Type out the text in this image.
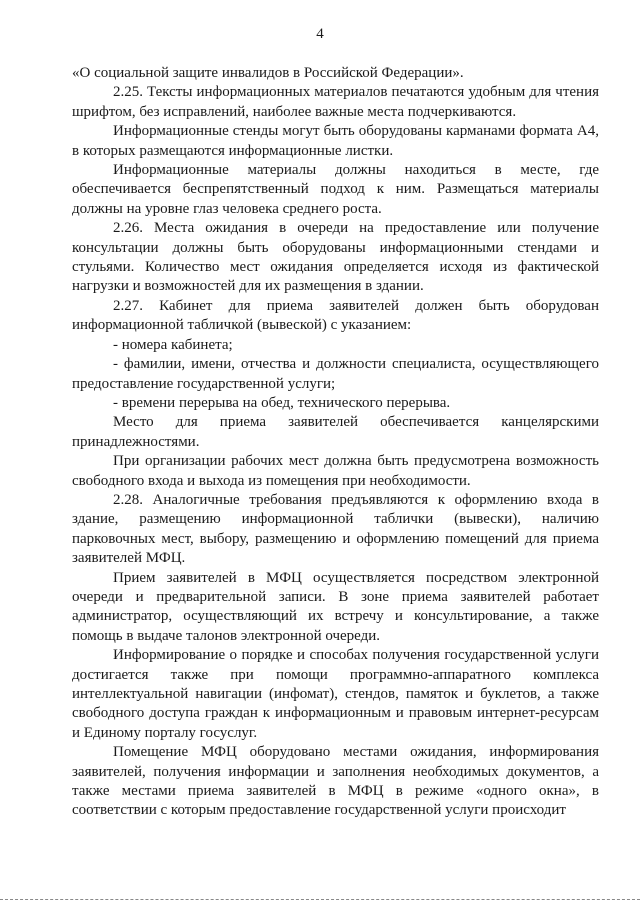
4

«О социальной защите инвалидов в Российской Федерации».

2.25. Тексты информационных материалов печатаются удобным для чтения шрифтом, без исправлений, наиболее важные места подчеркиваются.

Информационные стенды могут быть оборудованы карманами формата А4, в которых размещаются информационные листки.

Информационные материалы должны находиться в месте, где обеспечивается беспрепятственный подход к ним. Размещаться материалы должны на уровне глаз человека среднего роста.

2.26. Места ожидания в очереди на предоставление или получение консультации должны быть оборудованы информационными стендами и стульями. Количество мест ожидания определяется исходя из фактической нагрузки и возможностей для их размещения в здании.

2.27. Кабинет для приема заявителей должен быть оборудован информационной табличкой (вывеской) с указанием:

- номера кабинета;

- фамилии, имени, отчества и должности специалиста, осуществляющего предоставление государственной услуги;

- времени перерыва на обед, технического перерыва.

Место для приема заявителей обеспечивается канцелярскими принадлежностями.

При организации рабочих мест должна быть предусмотрена возможность свободного входа и выхода из помещения при необходимости.

2.28. Аналогичные требования предъявляются к оформлению входа в здание, размещению информационной таблички (вывески), наличию парковочных мест, выбору, размещению и оформлению помещений для приема заявителей МФЦ.

Прием заявителей в МФЦ осуществляется посредством электронной очереди и предварительной записи. В зоне приема заявителей работает администратор, осуществляющий их встречу и консультирование, а также помощь в выдаче талонов электронной очереди.

Информирование о порядке и способах получения государственной услуги достигается также при помощи программно-аппаратного комплекса интеллектуальной навигации (инфомат), стендов, памяток и буклетов, а также свободного доступа граждан к информационным и правовым интернет-ресурсам и Единому порталу госуслуг.

Помещение МФЦ оборудовано местами ожидания, информирования заявителей, получения информации и заполнения необходимых документов, а также местами приема заявителей в МФЦ в режиме «одного окна», в соответствии с которым предоставление государственной услуги происходит
